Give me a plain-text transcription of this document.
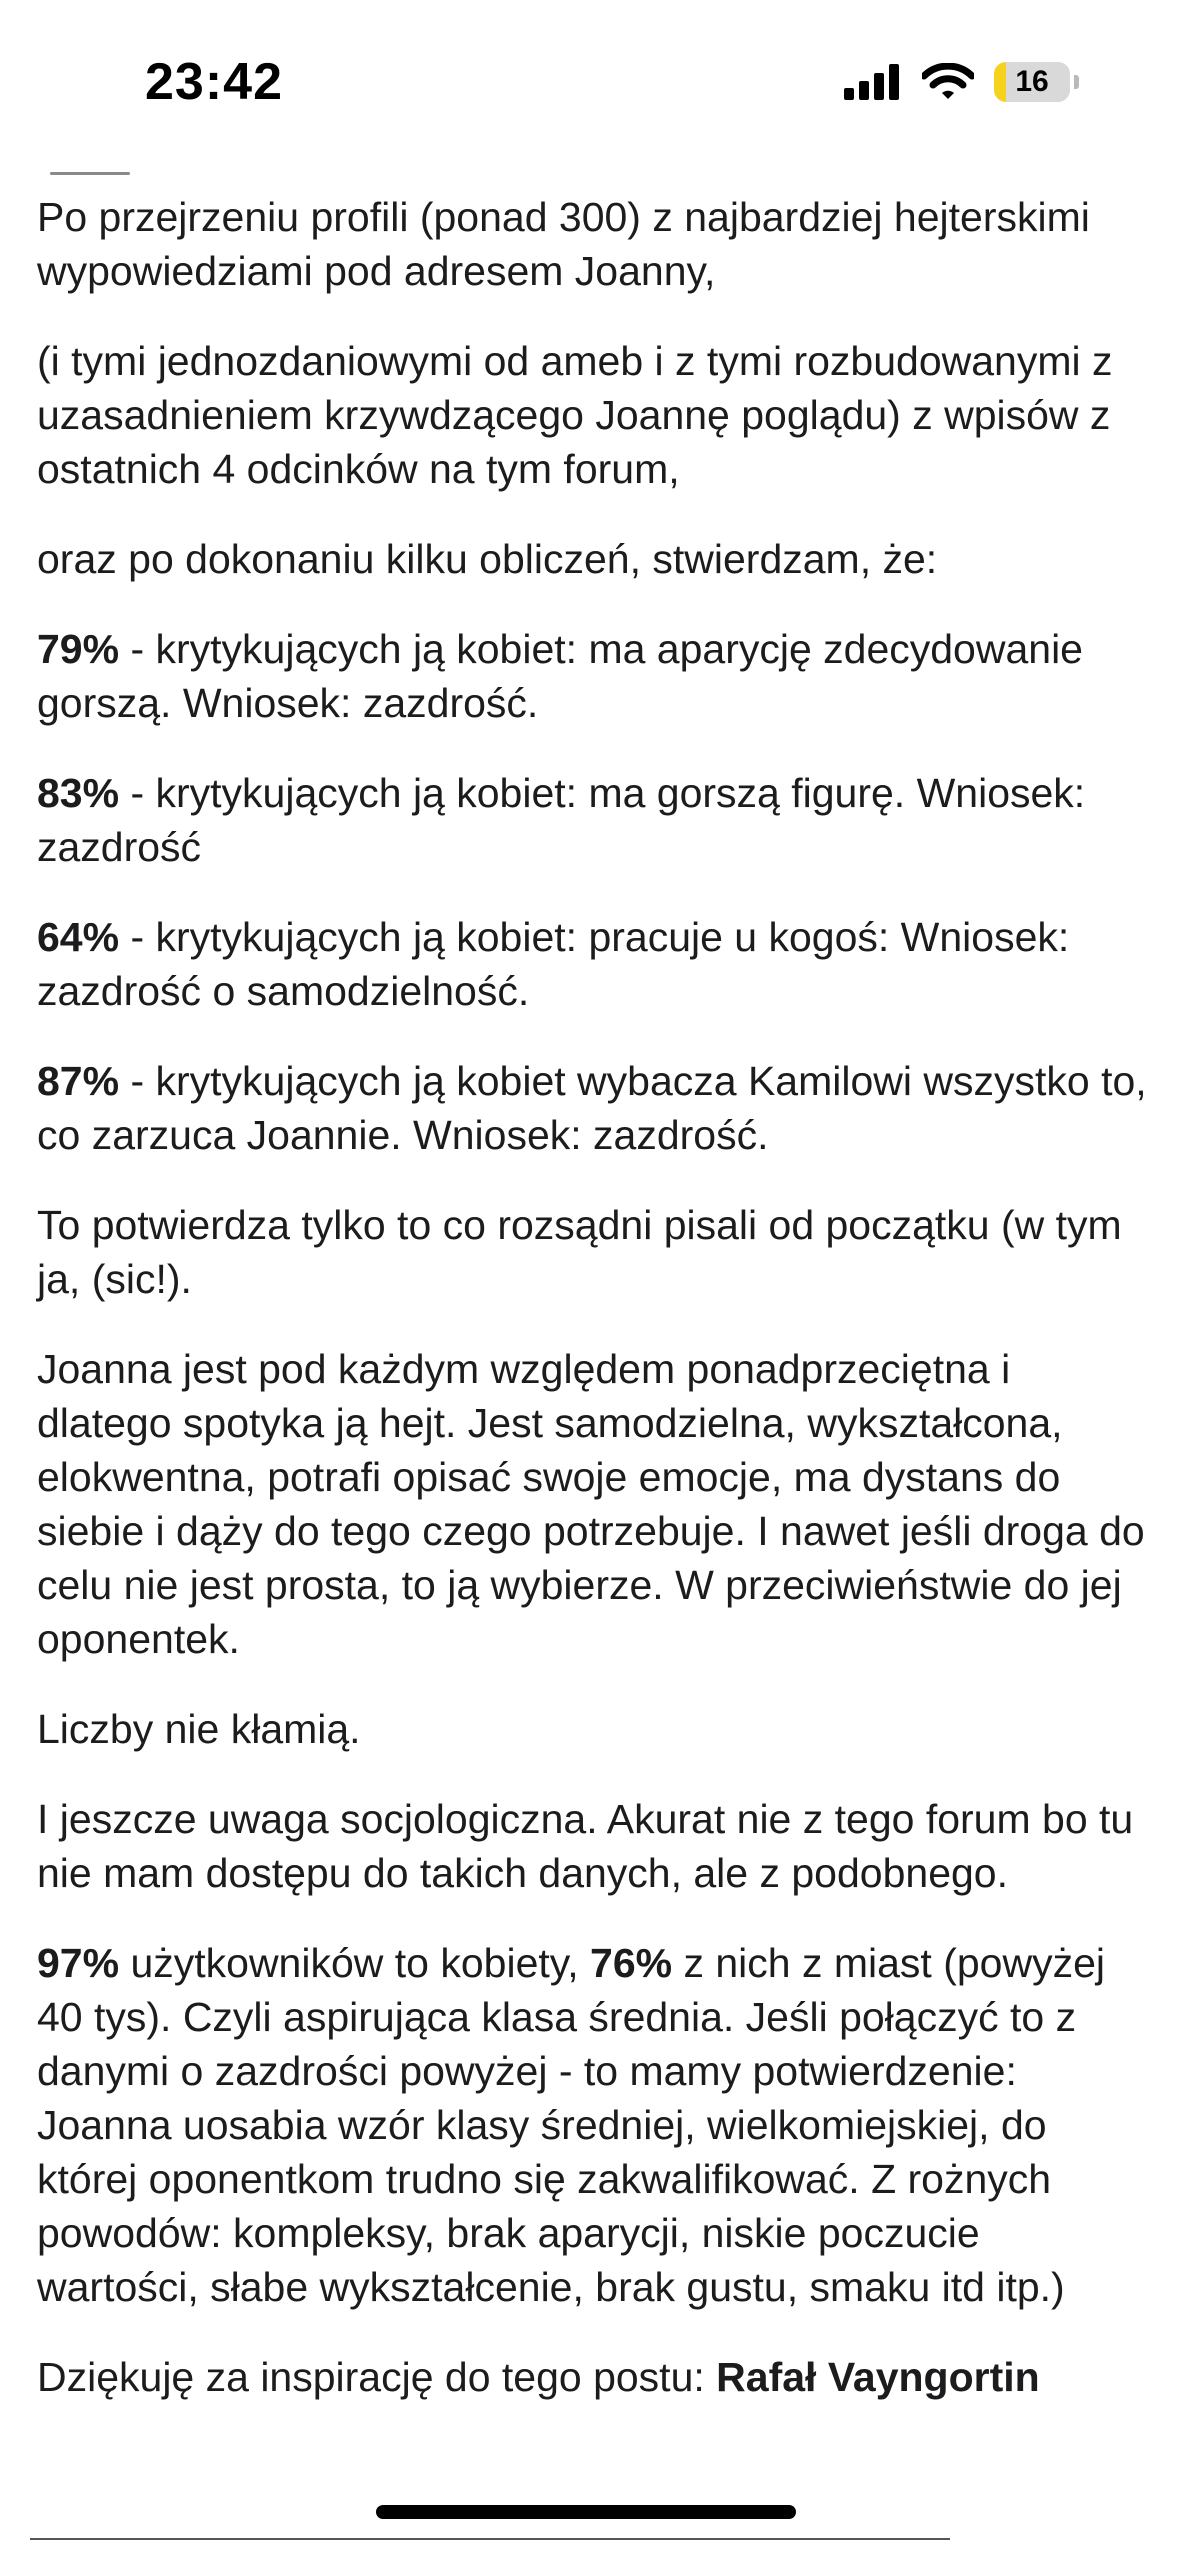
23:42	16

Po przejrzeniu profili (ponad 300) z najbardziej hejterskimi wypowiedziami pod adresem Joanny,

(i tymi jednozdaniowymi od ameb i z tymi rozbudowanymi z uzasadnieniem krzywdzącego Joannę poglądu) z wpisów z ostatnich 4 odcinków na tym forum,

oraz po dokonaniu kilku obliczeń, stwierdzam, że:

79% - krytykujących ją kobiet: ma aparycję zdecydowanie gorszą. Wniosek: zazdrość.

83% - krytykujących ją kobiet: ma gorszą figurę. Wniosek: zazdrość

64% - krytykujących ją kobiet: pracuje u kogoś: Wniosek: zazdrość o samodzielność.

87% - krytykujących ją kobiet wybacza Kamilowi wszystko to, co zarzuca Joannie. Wniosek: zazdrość.

To potwierdza tylko to co rozsądni pisali od początku (w tym ja, (sic!).

Joanna jest pod każdym względem ponadprzeciętna i dlatego spotyka ją hejt. Jest samodzielna, wykształcona, elokwentna, potrafi opisać swoje emocje, ma dystans do siebie i dąży do tego czego potrzebuje. I nawet jeśli droga do celu nie jest prosta, to ją wybierze. W przeciwieństwie do jej oponentek.

Liczby nie kłamią.

I jeszcze uwaga socjologiczna. Akurat nie z tego forum bo tu nie mam dostępu do takich danych, ale z podobnego.

97% użytkowników to kobiety, 76% z nich z miast (powyżej 40 tys). Czyli aspirująca klasa średnia. Jeśli połączyć to z danymi o zazdrości powyżej - to mamy potwierdzenie: Joanna uosabia wzór klasy średniej, wielkomiejskiej, do której oponentkom trudno się zakwalifikować. Z rożnych powodów: kompleksy, brak aparycji, niskie poczucie wartości, słabe wykształcenie, brak gustu, smaku itd itp.)

Dziękuję za inspirację do tego postu: Rafał Vayngortin
